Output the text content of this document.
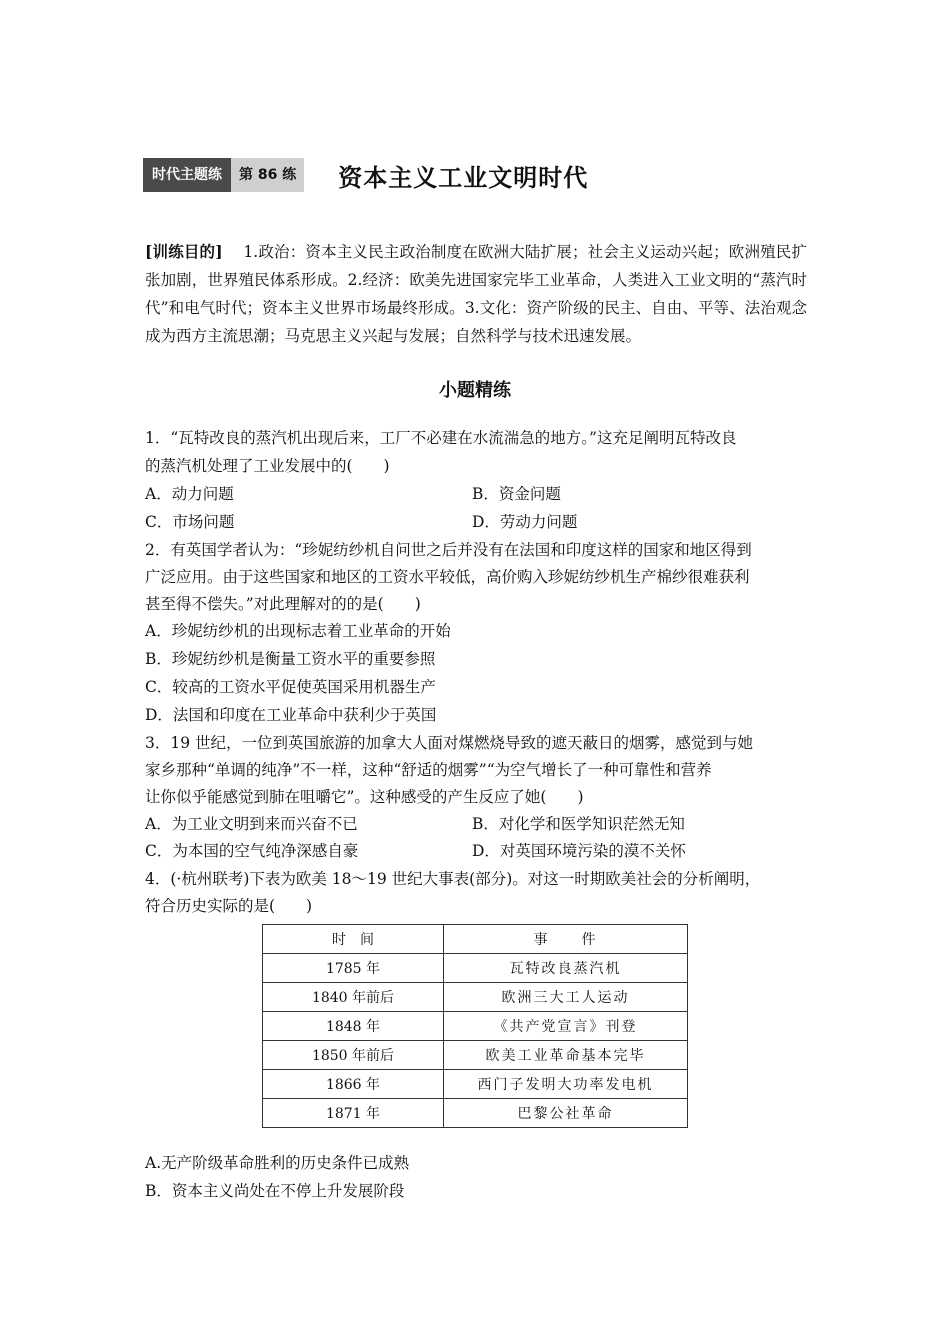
时代主题练	第 86 练	资本主义工业文明时代
[训练目的] 　 1.政治：资本主义民主政治制度在欧洲大陆扩展；社会主义运动兴起；欧洲殖民扩张加剧，世界殖民体系形成。2.经济：欧美先进国家完毕工业革命，人类进入工业文明的“蒸汽时代”和电气时代；资本主义世界市场最终形成。3.文化：资产阶级的民主、自由、平等、法治观念成为西方主流思潮；马克思主义兴起与发展；自然科学与技术迅速发展。
小题精练
1．“瓦特改良的蒸汽机出现后来，工厂不必建在水流湍急的地方。”这充足阐明瓦特改良
的蒸汽机处理了工业发展中的(　　)
A．动力问题	B．资金问题
C．市场问题	D．劳动力问题
2．有英国学者认为：“珍妮纺纱机自问世之后并没有在法国和印度这样的国家和地区得到
广泛应用。由于这些国家和地区的工资水平较低，高价购入珍妮纺纱机生产棉纱很难获利
甚至得不偿失。”对此理解对的的是(　　)
A．珍妮纺纱机的出现标志着工业革命的开始
B．珍妮纺纱机是衡量工资水平的重要参照
C．较高的工资水平促使英国采用机器生产
D．法国和印度在工业革命中获利少于英国
3．19 世纪，一位到英国旅游的加拿大人面对煤燃烧导致的遮天蔽日的烟雾，感觉到与她
家乡那种“单调的纯净”不一样，这种“舒适的烟雾”“为空气增长了一种可靠性和营养
让你似乎能感觉到肺在咀嚼它”。这种感受的产生反应了她(　　)
A．为工业文明到来而兴奋不已	B．对化学和医学知识茫然无知
C．为本国的空气纯净深感自豪	D．对英国环境污染的漠不关怀
4．(·杭州联考)下表为欧美 18～19 世纪大事表(部分)。对这一时期欧美社会的分析阐明，
符合历史实际的是(　　)
时　间	事　　件
1785 年	瓦特改良蒸汽机
1840 年前后	欧洲三大工人运动
1848 年	《共产党宣言》刊登
1850 年前后	欧美工业革命基本完毕
1866 年	西门子发明大功率发电机
1871 年	巴黎公社革命
A.无产阶级革命胜利的历史条件已成熟
B．资本主义尚处在不停上升发展阶段
